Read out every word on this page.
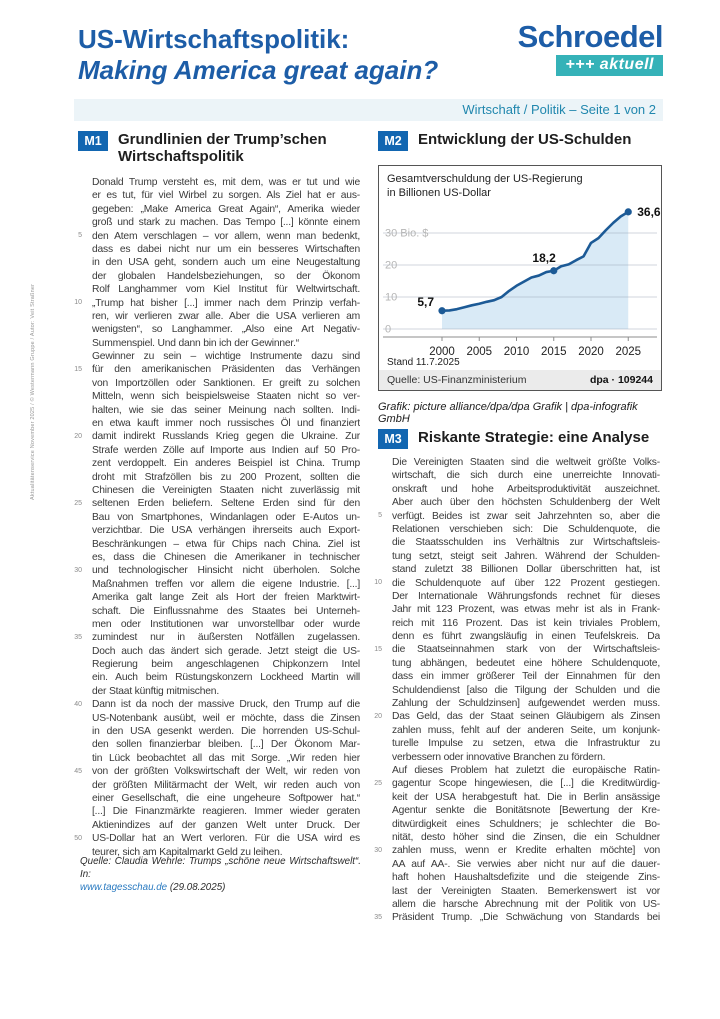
Aktualitätenservice November 2025 / © Westermann Gruppe / Autor: Veit Straßner
US-Wirtschaftspolitik:
Making America great again?
Schroedel
+++ aktuell
Wirtschaft / Politik – Seite 1 von 2
M1	Grundlinien der Trump’schen
Wirtschaftspolitik
Donald Trump versteht es, mit dem, was er tut und wie
er es tut, für viel Wirbel zu sorgen. Als Ziel hat er aus-
gegeben: „Make America Great Again“, Amerika wieder
groß und stark zu machen. Das Tempo [...] könnte einem
5 den Atem verschlagen – vor allem, wenn man bedenkt,
dass es dabei nicht nur um ein besseres Wirtschaften
in den USA geht, sondern auch um eine Neugestaltung
der globalen Handelsbeziehungen, so der Ökonom
Rolf Langhammer vom Kiel Institut für Weltwirtschaft.
10 „Trump hat bisher [...] immer nach dem Prinzip verfah-
ren, wir verlieren zwar alle. Aber die USA verlieren am
wenigsten“, so Langhammer. „Also eine Art Negativ-
Summenspiel. Und dann bin ich der Gewinner.“
Gewinner zu sein – wichtige Instrumente dazu sind
15 für den amerikanischen Präsidenten das Verhängen
von Importzöllen oder Sanktionen. Er greift zu solchen
Mitteln, wenn sich beispielsweise Staaten nicht so ver-
halten, wie sie das seiner Meinung nach sollten. Indi-
en etwa kauft immer noch russisches Öl und finanziert
20 damit indirekt Russlands Krieg gegen die Ukraine. Zur
Strafe werden Zölle auf Importe aus Indien auf 50 Pro-
zent verdoppelt. Ein anderes Beispiel ist China. Trump
droht mit Strafzöllen bis zu 200 Prozent, sollten die
Chinesen die Vereinigten Staaten nicht zuverlässig mit
25 seltenen Erden beliefern. Seltene Erden sind für den
Bau von Smartphones, Windanlagen oder E-Autos un-
verzichtbar. Die USA verhängen ihrerseits auch Export-
Beschränkungen – etwa für Chips nach China. Ziel ist
es, dass die Chinesen die Amerikaner in technischer
30 und technologischer Hinsicht nicht überholen. Solche
Maßnahmen treffen vor allem die eigene Industrie. [...]
Amerika galt lange Zeit als Hort der freien Marktwirt-
schaft. Die Einflussnahme des Staates bei Unterneh-
men oder Institutionen war unvorstellbar oder wurde
35 zumindest nur in äußersten Notfällen zugelassen.
Doch auch das ändert sich gerade. Jetzt steigt die US-
Regierung beim angeschlagenen Chipkonzern Intel
ein. Auch beim Rüstungskonzern Lockheed Martin will
der Staat künftig mitmischen.
40 Dann ist da noch der massive Druck, den Trump auf die
US-Notenbank ausübt, weil er möchte, dass die Zinsen
in den USA gesenkt werden. Die horrenden US-Schul-
den sollen finanzierbar bleiben. [...] Der Ökonom Mar-
tin Lück beobachtet all das mit Sorge. „Wir reden hier
45 von der größten Volkswirtschaft der Welt, wir reden von
der größten Militärmacht der Welt, wir reden auch von
einer Gesellschaft, die eine ungeheure Softpower hat.“
[...] Die Finanzmärkte reagieren. Immer wieder geraten
Aktienindizes auf der ganzen Welt unter Druck. Der
50 US-Dollar hat an Wert verloren. Für die USA wird es
teurer, sich am Kapitalmarkt Geld zu leihen.
Quelle: Claudia Wehrle: Trumps „schöne neue Wirtschaftswelt“. In:
www.tagesschau.de (29.08.2025)
M2	Entwicklung der US-Schulden
0
10
20
30 Bio. $
2000 2005 2010 2015 2020 2025
5,7
18,2
36,6
Gesamtverschuldung der US-Regierung
in Billionen US-Dollar
Stand 11.7.2025
Quelle: US-Finanzministerium	dpa · 109244
Grafik: picture alliance/dpa/dpa Grafik | dpa-infografik GmbH
M3	Riskante Strategie: eine Analyse
Die Vereinigten Staaten sind die weltweit größte Volks-
wirtschaft, die sich durch eine unerreichte Innovati-
onskraft und hohe Arbeitsproduktivität auszeichnet.
Aber auch über den höchsten Schuldenberg der Welt
5 verfügt. Beides ist zwar seit Jahrzehnten so, aber die
Relationen verschieben sich: Die Schuldenquote, die
die Staatsschulden ins Verhältnis zur Wirtschaftsleis-
tung setzt, steigt seit Jahren. Während der Schulden-
stand zuletzt 38 Billionen Dollar überschritten hat, ist
10 die Schuldenquote auf über 122 Prozent gestiegen.
Der Internationale Währungsfonds rechnet für dieses
Jahr mit 123 Prozent, was etwas mehr ist als in Frank-
reich mit 116 Prozent. Das ist kein triviales Problem,
denn es führt zwangsläufig in einen Teufelskreis. Da
15 die Staatseinnahmen stark von der Wirtschaftsleis-
tung abhängen, bedeutet eine höhere Schuldenquote,
dass ein immer größerer Teil der Einnahmen für den
Schuldendienst [also die Tilgung der Schulden und die
Zahlung der Schuldzinsen] aufgewendet werden muss.
20 Das Geld, das der Staat seinen Gläubigern als Zinsen
zahlen muss, fehlt auf der anderen Seite, um konjunk-
turelle Impulse zu setzen, etwa die Infrastruktur zu
verbessern oder innovative Branchen zu fördern.
Auf dieses Problem hat zuletzt die europäische Ratin-
25 gagentur Scope hingewiesen, die [...] die Kreditwürdig-
keit der USA herabgestuft hat. Die in Berlin ansässige
Agentur senkte die Bonitätsnote [Bewertung der Kre-
ditwürdigkeit eines Schuldners; je schlechter die Bo-
nität, desto höher sind die Zinsen, die ein Schuldner
30 zahlen muss, wenn er Kredite erhalten möchte] von
AA auf AA-. Sie verwies aber nicht nur auf die dauer-
haft hohen Haushaltsdefizite und die steigende Zins-
last der Vereinigten Staaten. Bemerkenswert ist vor
allem die harsche Abrechnung mit der Politik von US-
35 Präsident Trump. „Die Schwächung von Standards bei
